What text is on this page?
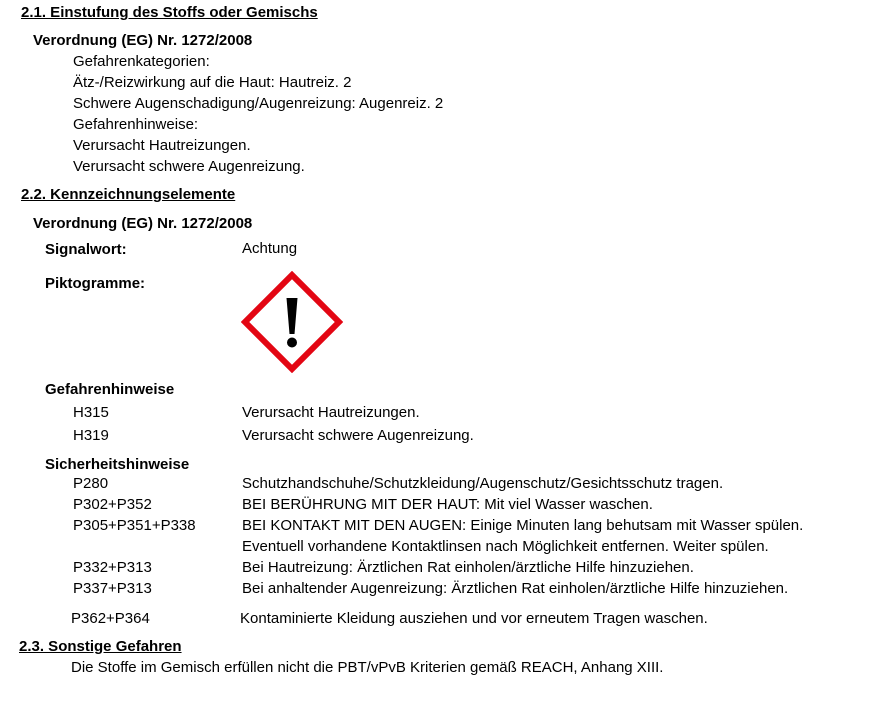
2.1. Einstufung des Stoffs oder Gemischs
Verordnung (EG) Nr. 1272/2008
Gefahrenkategorien:
Ätz-/Reizwirkung auf die Haut: Hautreiz. 2
Schwere Augenschadigung/Augenreizung: Augenreiz. 2
Gefahrenhinweise:
Verursacht Hautreizungen.
Verursacht schwere Augenreizung.
2.2. Kennzeichnungselemente
Verordnung (EG) Nr. 1272/2008
Signalwort:	Achtung
Piktogramme:
Gefahrenhinweise
H315	Verursacht Hautreizungen.
H319	Verursacht schwere Augenreizung.
Sicherheitshinweise
P280	Schutzhandschuhe/Schutzkleidung/Augenschutz/Gesichtsschutz tragen.
P302+P352	BEI BERÜHRUNG MIT DER HAUT: Mit viel Wasser waschen.
P305+P351+P338	BEI KONTAKT MIT DEN AUGEN: Einige Minuten lang behutsam mit Wasser spülen.
Eventuell vorhandene Kontaktlinsen nach Möglichkeit entfernen. Weiter spülen.
P332+P313	Bei Hautreizung: Ärztlichen Rat einholen/ärztliche Hilfe hinzuziehen.
P337+P313	Bei anhaltender Augenreizung: Ärztlichen Rat einholen/ärztliche Hilfe hinzuziehen.
P362+P364	Kontaminierte Kleidung ausziehen und vor erneutem Tragen waschen.
2.3. Sonstige Gefahren
Die Stoffe im Gemisch erfüllen nicht die PBT/vPvB Kriterien gemäß REACH, Anhang XIII.
